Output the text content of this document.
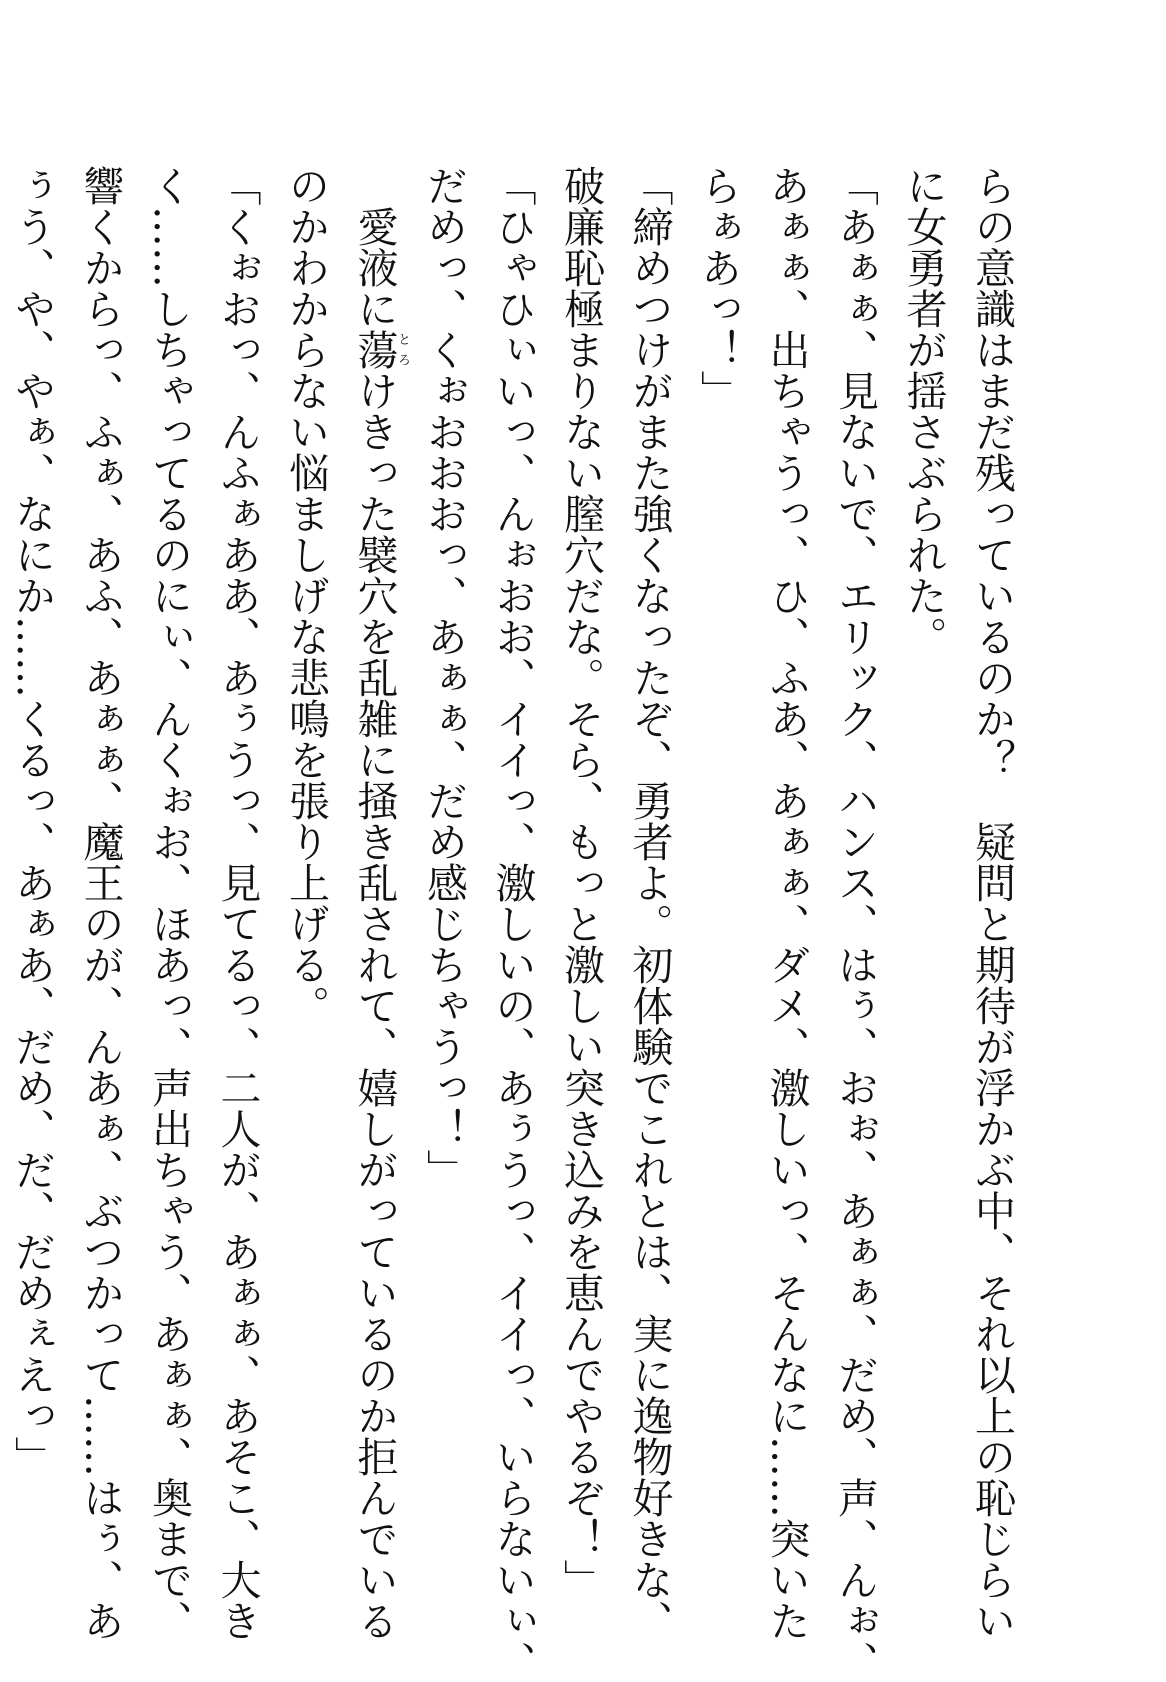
らの意識はまだ残っているのか？　疑問と期待が浮かぶ中、それ以上の恥じらい
に女勇者が揺さぶられた。
「あぁぁ、見ないで、エリック、ハンス、はぅ、おぉ、あぁぁ、だめ、声、んぉ、
あぁぁ、出ちゃうっ、ひ、ふあ、あぁぁ、ダメ、激しいっ、そんなに……突いた
らぁあっ！」
「締めつけがまた強くなったぞ、勇者よ。初体験でこれとは、実に逸物好きな、
破廉恥極まりない膣穴だな。そら、もっと激しい突き込みを恵んでやるぞ！」
「ひゃひぃいっ、んぉおお、イイっ、激しいの、あぅうっ、イイっ、いらないぃ、
だめっ、くぉおおおっ、あぁぁ、だめ感じちゃうっ！」
　愛液に蕩とろけきった襞穴を乱雑に掻き乱されて、嬉しがっているのか拒んでいる
のかわからない悩ましげな悲鳴を張り上げる。
「くぉおっ、んふぁああ、あぅうっ、見てるっ、二人が、あぁぁ、あそこ、大き
く……しちゃってるのにぃ、んくぉお、ほあっ、声出ちゃう、あぁぁ、奥まで、
響くからっ、ふぁ、あふ、あぁぁ、魔王のが、んあぁ、ぶつかって……はぅ、あ
ぅう、や、やぁ、なにか……くるっ、あぁあ、だめ、だ、だめぇえっ」
